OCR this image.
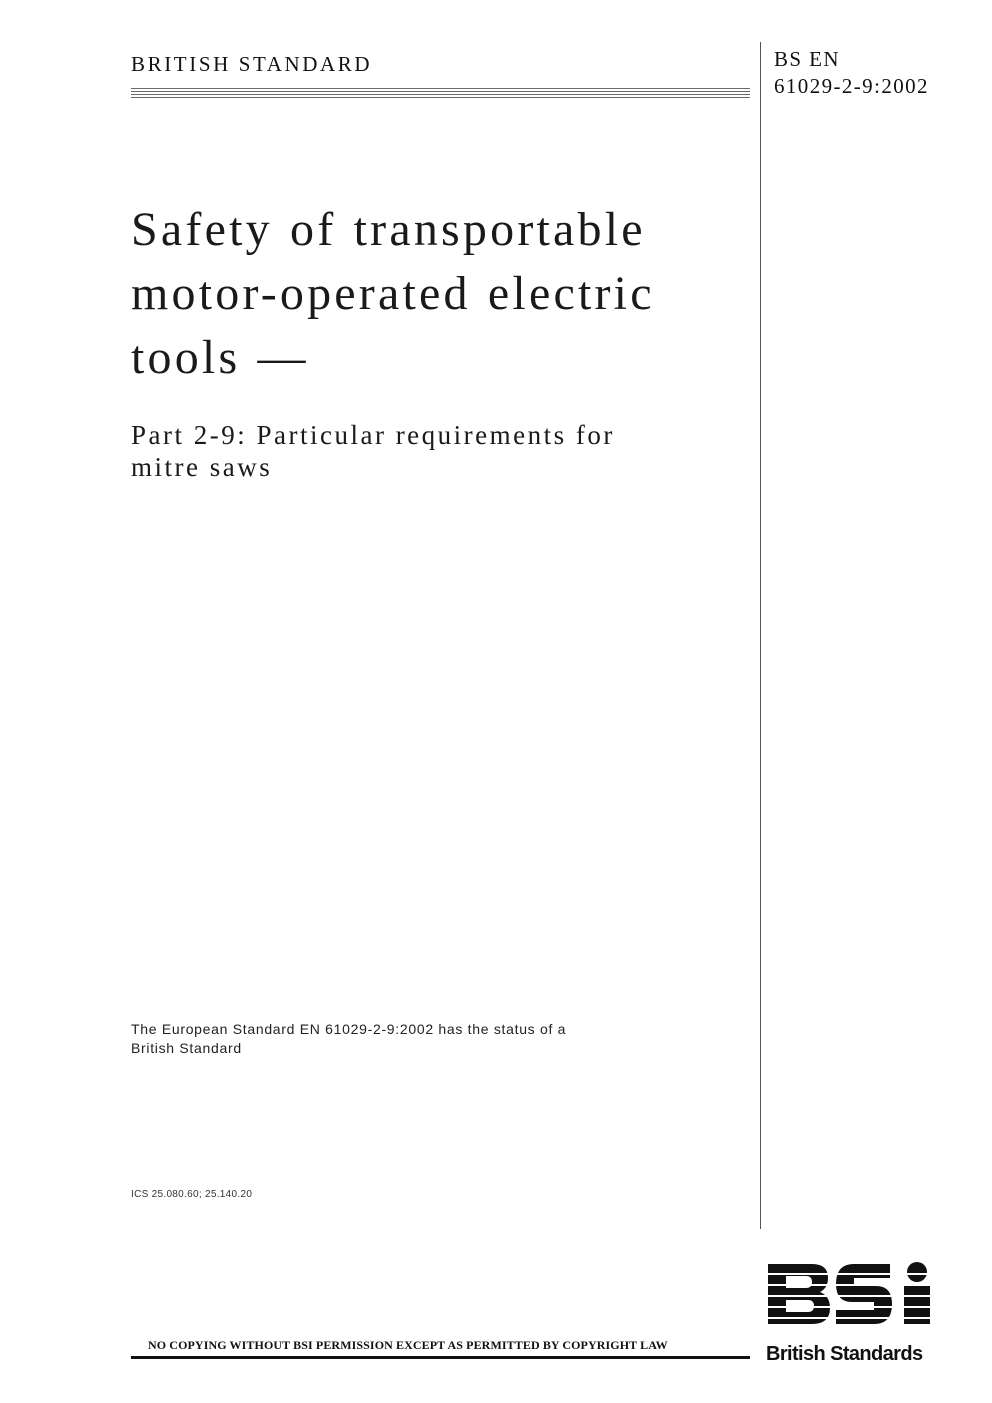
BRITISH STANDARD	BS EN
61029-2-9:2002
Safety of transportable
motor-operated electric
tools —
Part 2-9: Particular requirements for
mitre saws
The European Standard EN 61029-2-9:2002 has the status of a
British Standard
ICS 25.080.60; 25.140.20
NO COPYING WITHOUT BSI PERMISSION EXCEPT AS PERMITTED BY COPYRIGHT LAW	British Standards
